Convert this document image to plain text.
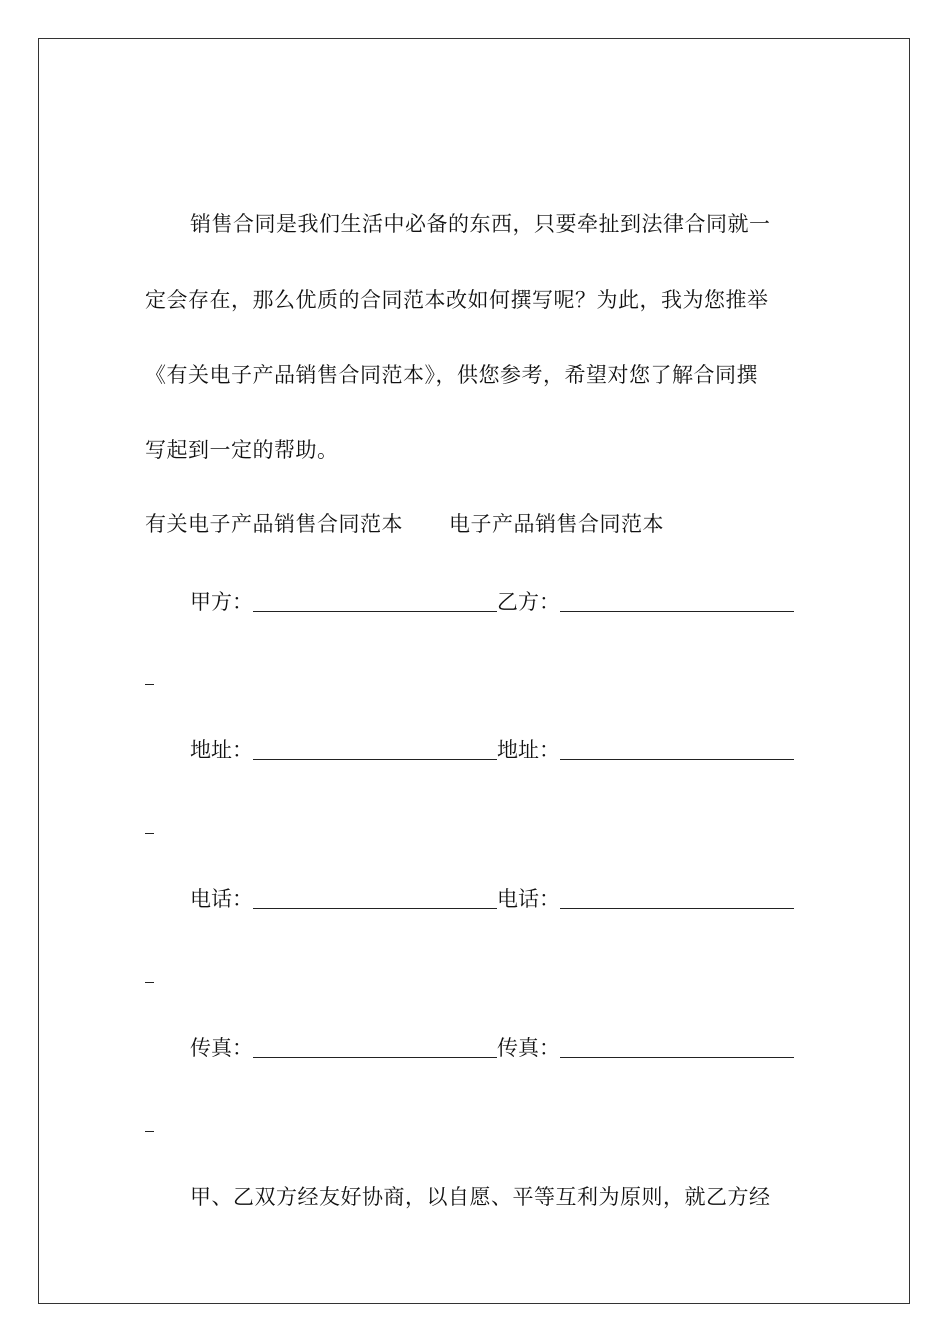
销售合同是我们生活中必备的东西，只要牵扯到法律合同就一
定会存在，那么优质的合同范本改如何撰写呢？为此，我为您推举
《有关电子产品销售合同范本》，供您参考，希望对您了解合同撰
写起到一定的帮助。
有关电子产品销售合同范本 电子产品销售合同范本
甲方：	乙方：
地址：	地址：
电话：	电话：
传真：	传真：
甲、乙双方经友好协商，以自愿、平等互利为原则，就乙方经
